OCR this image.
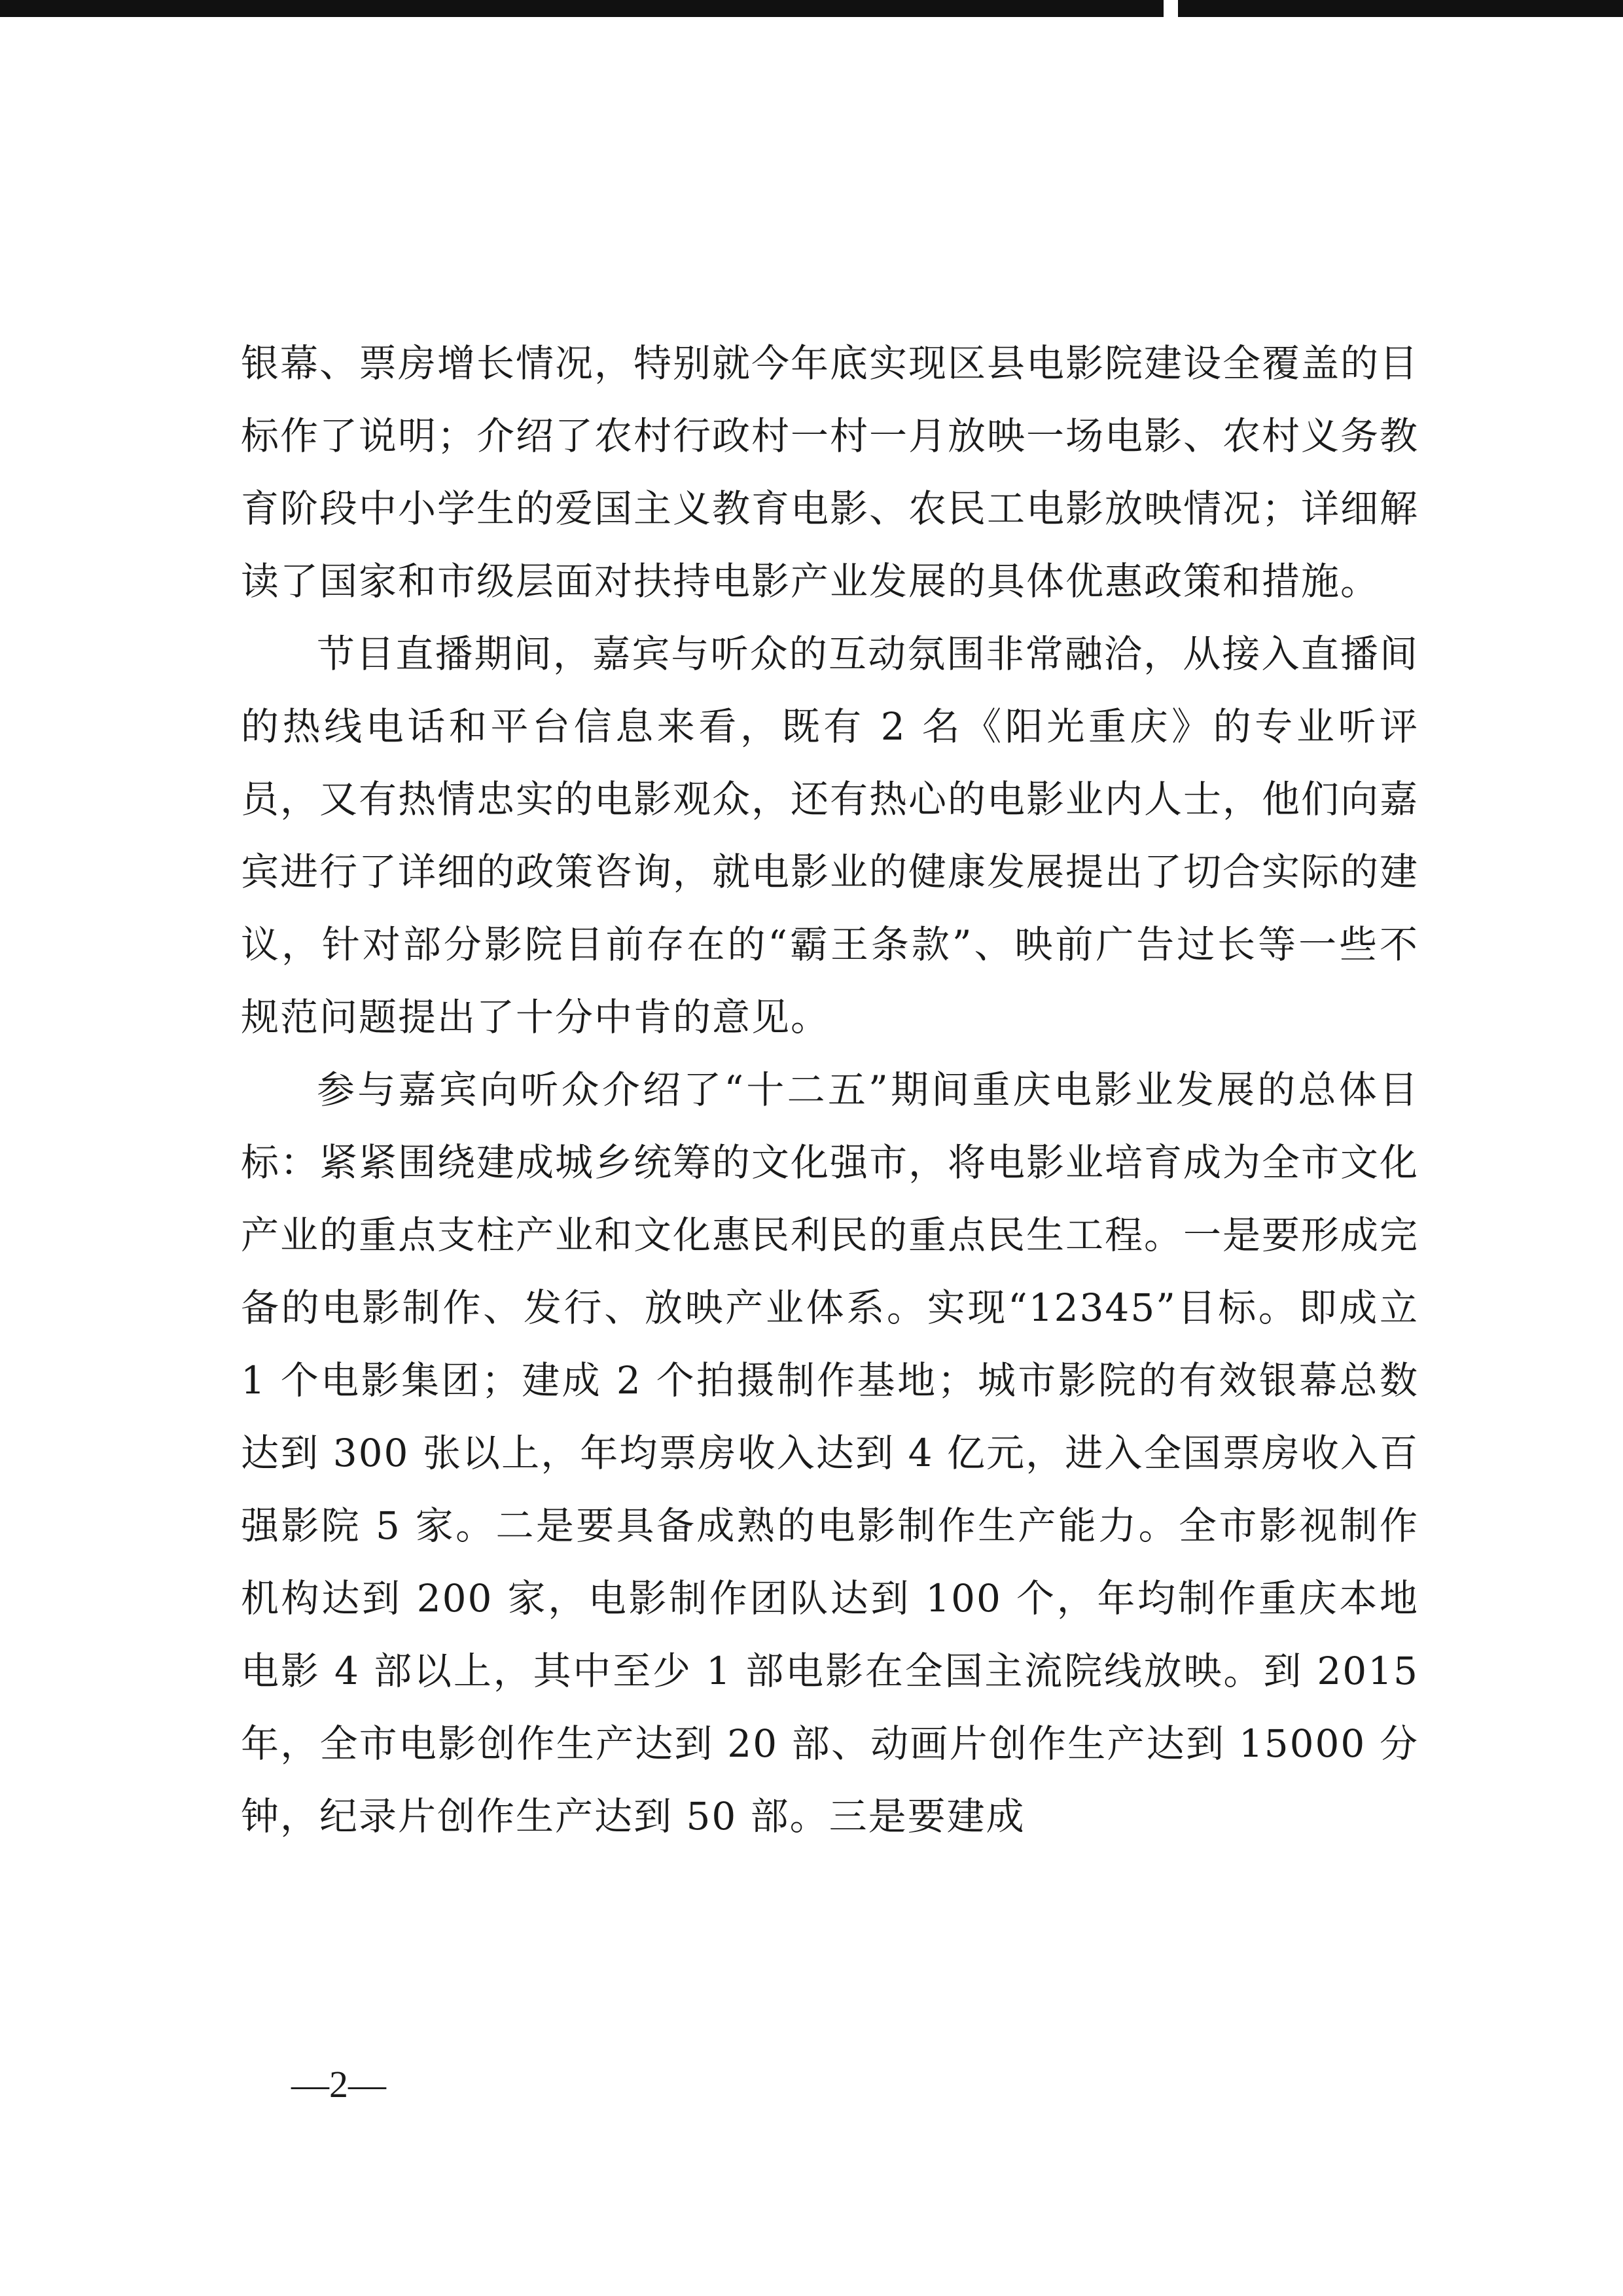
银幕、票房增长情况，特别就今年底实现区县电影院建设全覆盖的目标作了说明；介绍了农村行政村一村一月放映一场电影、农村义务教育阶段中小学生的爱国主义教育电影、农民工电影放映情况；详细解读了国家和市级层面对扶持电影产业发展的具体优惠政策和措施。

节目直播期间，嘉宾与听众的互动氛围非常融洽，从接入直播间的热线电话和平台信息来看，既有 2 名《阳光重庆》的专业听评员，又有热情忠实的电影观众，还有热心的电影业内人士，他们向嘉宾进行了详细的政策咨询，就电影业的健康发展提出了切合实际的建议，针对部分影院目前存在的“霸王条款”、映前广告过长等一些不规范问题提出了十分中肯的意见。

参与嘉宾向听众介绍了“十二五”期间重庆电影业发展的总体目标：紧紧围绕建成城乡统筹的文化强市，将电影业培育成为全市文化产业的重点支柱产业和文化惠民利民的重点民生工程。一是要形成完备的电影制作、发行、放映产业体系。实现“12345”目标。即成立 1 个电影集团；建成 2 个拍摄制作基地；城市影院的有效银幕总数达到 300 张以上，年均票房收入达到 4 亿元，进入全国票房收入百强影院 5 家。二是要具备成熟的电影制作生产能力。全市影视制作机构达到 200 家，电影制作团队达到 100 个，年均制作重庆本地电影 4 部以上，其中至少 1 部电影在全国主流院线放映。到 2015 年，全市电影创作生产达到 20 部、动画片创作生产达到 15000 分钟，纪录片创作生产达到 50 部。三是要建成

—2—
